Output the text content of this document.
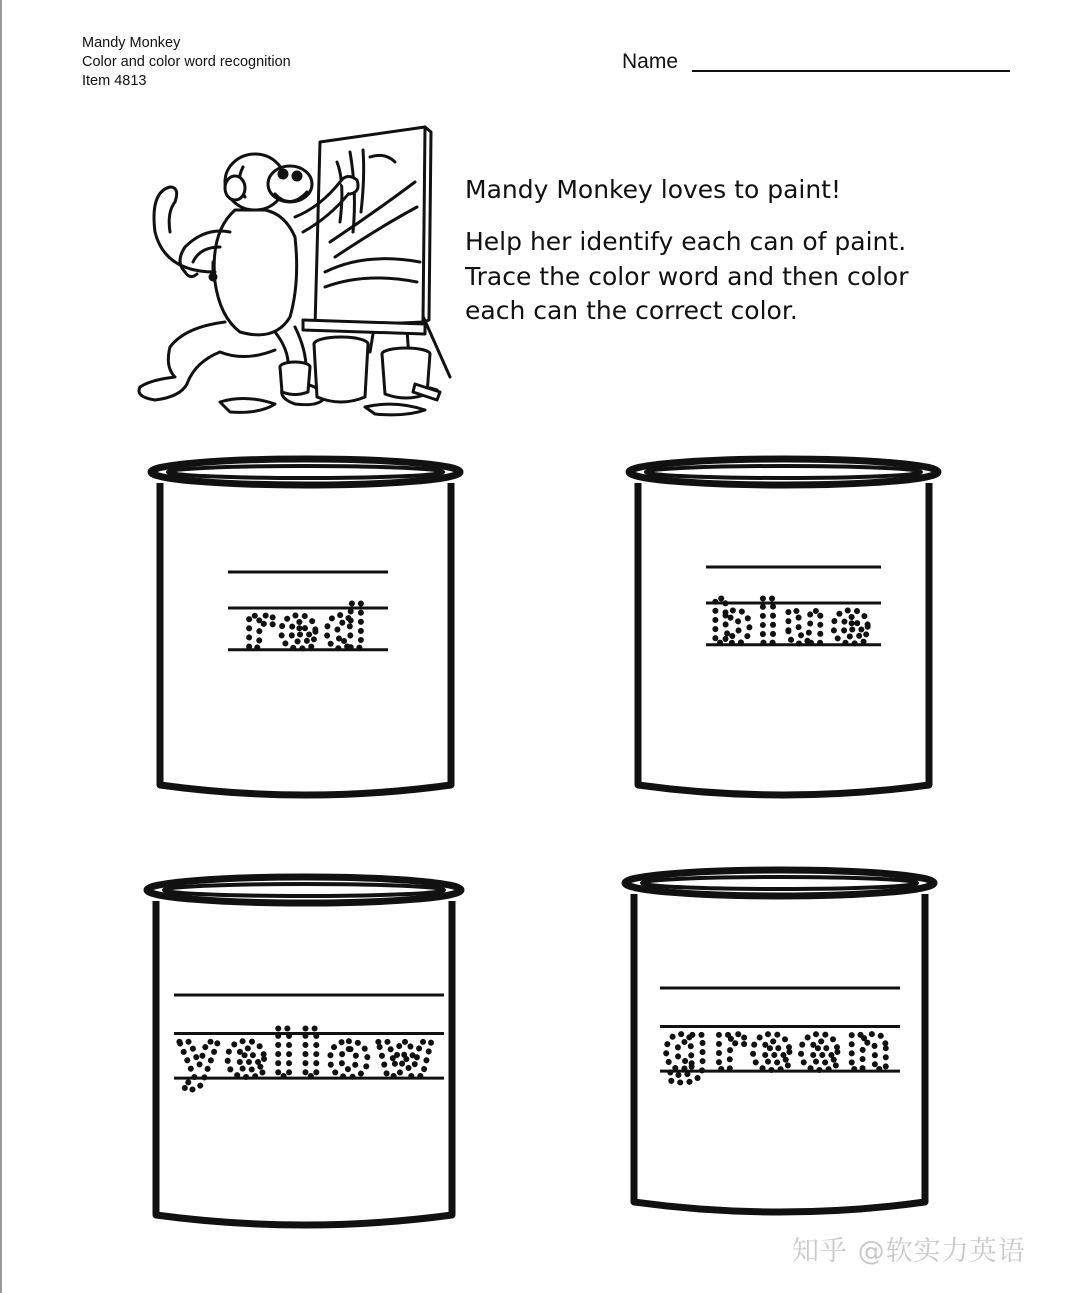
Mandy Monkey
Color and color word recognition
Item 4813
Name
Mandy Monkey loves to paint!
Help her identify each can of paint.
Trace the color word and then color
each can the correct color.
red	blue
yellow	green
知乎 @软实力英语
